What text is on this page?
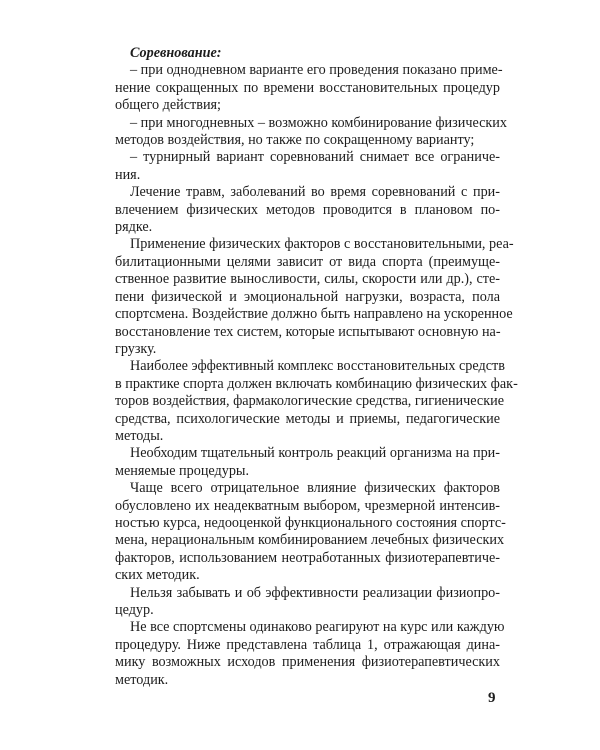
Соревнование:
– при однодневном варианте его проведения показано приме-
нение сокращенных по времени восстановительных процедур
общего действия;
– при многодневных – возможно комбинирование физических
методов воздействия, но также по сокращенному варианту;
– турнирный вариант соревнований снимает все ограниче-
ния.
Лечение травм, заболеваний во время соревнований с при-
влечением физических методов проводится в плановом по-
рядке.
Применение физических факторов с восстановительными, реа-
билитационными целями зависит от вида спорта (преимуще-
ственное развитие выносливости, силы, скорости или др.), сте-
пени физической и эмоциональной нагрузки, возраста, пола
спортсмена. Воздействие должно быть направлено на ускоренное
восстановление тех систем, которые испытывают основную на-
грузку.
Наиболее эффективный комплекс восстановительных средств
в практике спорта должен включать комбинацию физических фак-
торов воздействия, фармакологические средства, гигиенические
средства, психологические методы и приемы, педагогические
методы.
Необходим тщательный контроль реакций организма на при-
меняемые процедуры.
Чаще всего отрицательное влияние физических факторов
обусловлено их неадекватным выбором, чрезмерной интенсив-
ностью курса, недооценкой функционального состояния спортс-
мена, нерациональным комбинированием лечебных физических
факторов, использованием неотработанных физиотерапевтиче-
ских методик.
Нельзя забывать и об эффективности реализации физиопро-
цедур.
Не все спортсмены одинаково реагируют на курс или каждую
процедуру. Ниже представлена таблица 1, отражающая дина-
мику возможных исходов применения физиотерапевтических
методик.
9
